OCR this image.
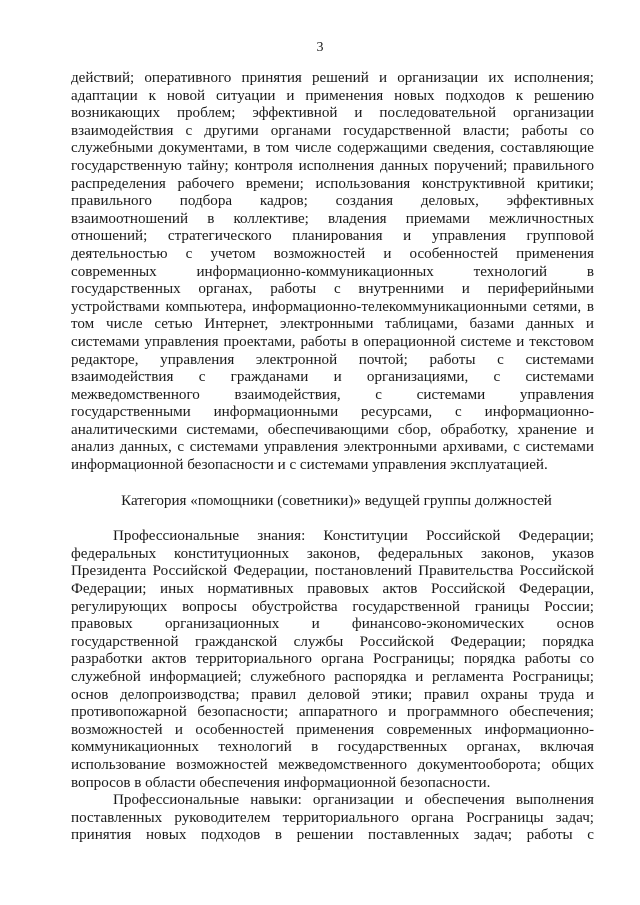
3
действий; оперативного принятия решений и организации их исполнения;
адаптации к новой ситуации и применения новых подходов к решению
возникающих проблем; эффективной и последовательной организации
взаимодействия с другими органами государственной власти; работы со
служебными документами, в том числе содержащими сведения, составляющие
государственную тайну; контроля исполнения данных поручений; правильного
распределения рабочего времени; использования конструктивной критики;
правильного подбора кадров; создания деловых, эффективных
взаимоотношений в коллективе; владения приемами межличностных
отношений; стратегического планирования и управления групповой
деятельностью с учетом возможностей и особенностей применения
современных информационно-коммуникационных технологий в
государственных органах, работы с внутренними и периферийными
устройствами компьютера, информационно-телекоммуникационными сетями, в
том числе сетью Интернет, электронными таблицами, базами данных и
системами управления проектами, работы в операционной системе и текстовом
редакторе, управления электронной почтой; работы с системами
взаимодействия с гражданами и организациями, с системами
межведомственного взаимодействия, с системами управления
государственными информационными ресурсами, с информационно-
аналитическими системами, обеспечивающими сбор, обработку, хранение и
анализ данных, с системами управления электронными архивами, с системами
информационной безопасности и с системами управления эксплуатацией.
Категория «помощники (советники)» ведущей группы должностей
Профессиональные знания: Конституции Российской Федерации;
федеральных конституционных законов, федеральных законов, указов
Президента Российской Федерации, постановлений Правительства Российской
Федерации; иных нормативных правовых актов Российской Федерации,
регулирующих вопросы обустройства государственной границы России;
правовых организационных и финансово-экономических основ
государственной гражданской службы Российской Федерации; порядка
разработки актов территориального органа Росграницы; порядка работы со
служебной информацией; служебного распорядка и регламента Росграницы;
основ делопроизводства; правил деловой этики; правил охраны труда и
противопожарной безопасности; аппаратного и программного обеспечения;
возможностей и особенностей применения современных информационно-
коммуникационных технологий в государственных органах, включая
использование возможностей межведомственного документооборота; общих
вопросов в области обеспечения информационной безопасности.
Профессиональные навыки: организации и обеспечения выполнения
поставленных руководителем территориального органа Росграницы задач;
принятия новых подходов в решении поставленных задач; работы с
